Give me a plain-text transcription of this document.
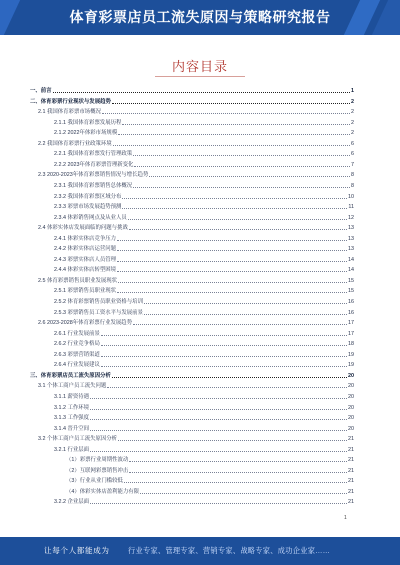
体育彩票店员工流失原因与策略研究报告
内容目录
一、前言	1
二、体育彩票行业现状与发展趋势	2
2.1 我国体育彩票市场概况	2
2.1.1 我国体育彩票发展历程	2
2.1.2 2022年体彩市场规模	2
2.2 我国体育彩票行业政策环境	6
2.2.1 我国体育彩票发行管理政策	6
2.2.2 2023年体育彩票管理新变化	7
2.3 2020-2023年体育彩票销售情况与增长趋势	8
2.3.1 我国体育彩票销售总体概况	8
2.3.2 我国体育彩票区域分布	10
2.3.3 彩票市场发展趋势预测	11
2.3.4 体彩销售网点及从业人员	12
2.4 体彩实体店发展面临的问题与挑战	13
2.4.1 体彩实体店竞争压力	13
2.4.2 体彩实体店运营问题	13
2.4.3 彩票实体店人员管理	14
2.4.4 体彩实体店转型困境	14
2.5 体育彩票销售员职业发展现状	15
2.5.1 彩票销售员职业现状	15
2.5.2 体育彩票销售员职业资格与培训	16
2.5.3 彩票销售员工资水平与发展前景	16
2.6 2023-2028年体育彩票行业发展趋势	17
2.6.1 行业发展前景	17
2.6.2 行业竞争格局	18
2.6.3 彩票营销渠道	19
2.6.4 行业发展建议	19
三、体育彩票店员工流失原因分析	20
3.1 个体工商户员工流失问题	20
3.1.1 薪资待遇	20
3.1.2 工作环境	20
3.1.3 工作强度	20
3.1.4 晋升空间	20
3.2 个体工商户员工流失原因分析	21
3.2.1 行业层面	21
（1）彩票行业周期性波动	21
（2）互联网彩票销售冲击	21
（3）行业从业门槛较低	21
（4）体彩实体店盈利能力有限	21
3.2.2 企业层面	21
1
让每个人都能成为	行业专家、管理专家、营销专家、战略专家、成功企业家……
